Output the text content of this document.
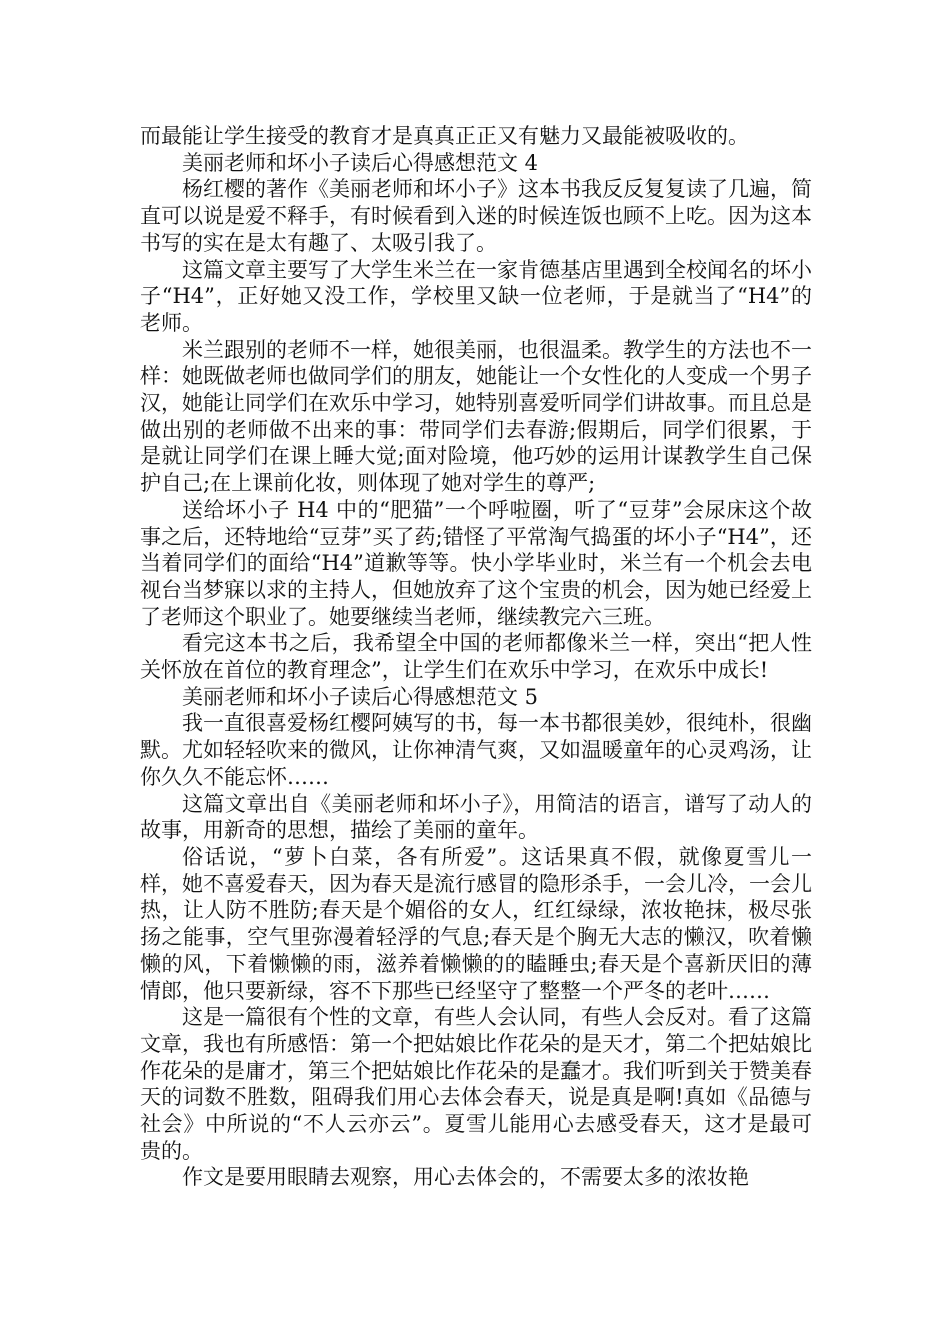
而最能让学生接受的教育才是真真正正又有魅力又最能被吸收的。

美丽老师和坏小子读后心得感想范文 4

杨红樱的著作《美丽老师和坏小子》这本书我反反复复读了几遍，简直可以说是爱不释手，有时候看到入迷的时候连饭也顾不上吃。因为这本书写的实在是太有趣了、太吸引我了。

这篇文章主要写了大学生米兰在一家肯德基店里遇到全校闻名的坏小子“H4”，正好她又没工作，学校里又缺一位老师，于是就当了“H4”的老师。

米兰跟别的老师不一样，她很美丽，也很温柔。教学生的方法也不一样：她既做老师也做同学们的朋友，她能让一个女性化的人变成一个男子汉，她能让同学们在欢乐中学习，她特别喜爱听同学们讲故事。而且总是做出别的老师做不出来的事：带同学们去春游;假期后，同学们很累，于是就让同学们在课上睡大觉;面对险境，他巧妙的运用计谋教学生自己保护自己;在上课前化妆，则体现了她对学生的尊严;

送给坏小子 H4 中的“肥猫”一个呼啦圈，听了“豆芽”会尿床这个故事之后，还特地给“豆芽”买了药;错怪了平常淘气捣蛋的坏小子“H4”，还当着同学们的面给“H4”道歉等等。快小学毕业时，米兰有一个机会去电视台当梦寐以求的主持人，但她放弃了这个宝贵的机会，因为她已经爱上了老师这个职业了。她要继续当老师，继续教完六三班。

看完这本书之后，我希望全中国的老师都像米兰一样，突出“把人性关怀放在首位的教育理念”，让学生们在欢乐中学习，在欢乐中成长!

美丽老师和坏小子读后心得感想范文 5

我一直很喜爱杨红樱阿姨写的书，每一本书都很美妙，很纯朴，很幽默。尤如轻轻吹来的微风，让你神清气爽，又如温暖童年的心灵鸡汤，让你久久不能忘怀……

这篇文章出自《美丽老师和坏小子》，用简洁的语言，谱写了动人的故事，用新奇的思想，描绘了美丽的童年。

俗话说，“萝卜白菜，各有所爱”。这话果真不假，就像夏雪儿一样，她不喜爱春天，因为春天是流行感冒的隐形杀手，一会儿冷，一会儿热，让人防不胜防;春天是个媚俗的女人，红红绿绿，浓妆艳抹，极尽张扬之能事，空气里弥漫着轻浮的气息;春天是个胸无大志的懒汉，吹着懒懒的风，下着懒懒的雨，滋养着懒懒的的瞌睡虫;春天是个喜新厌旧的薄情郎，他只要新绿，容不下那些已经坚守了整整一个严冬的老叶……

这是一篇很有个性的文章，有些人会认同，有些人会反对。看了这篇文章，我也有所感悟：第一个把姑娘比作花朵的是天才，第二个把姑娘比作花朵的是庸才，第三个把姑娘比作花朵的是蠢才。我们听到关于赞美春天的词数不胜数，阻碍我们用心去体会春天，说是真是啊!真如《品德与社会》中所说的“不人云亦云”。夏雪儿能用心去感受春天，这才是最可贵的。

作文是要用眼睛去观察，用心去体会的，不需要太多的浓妆艳
